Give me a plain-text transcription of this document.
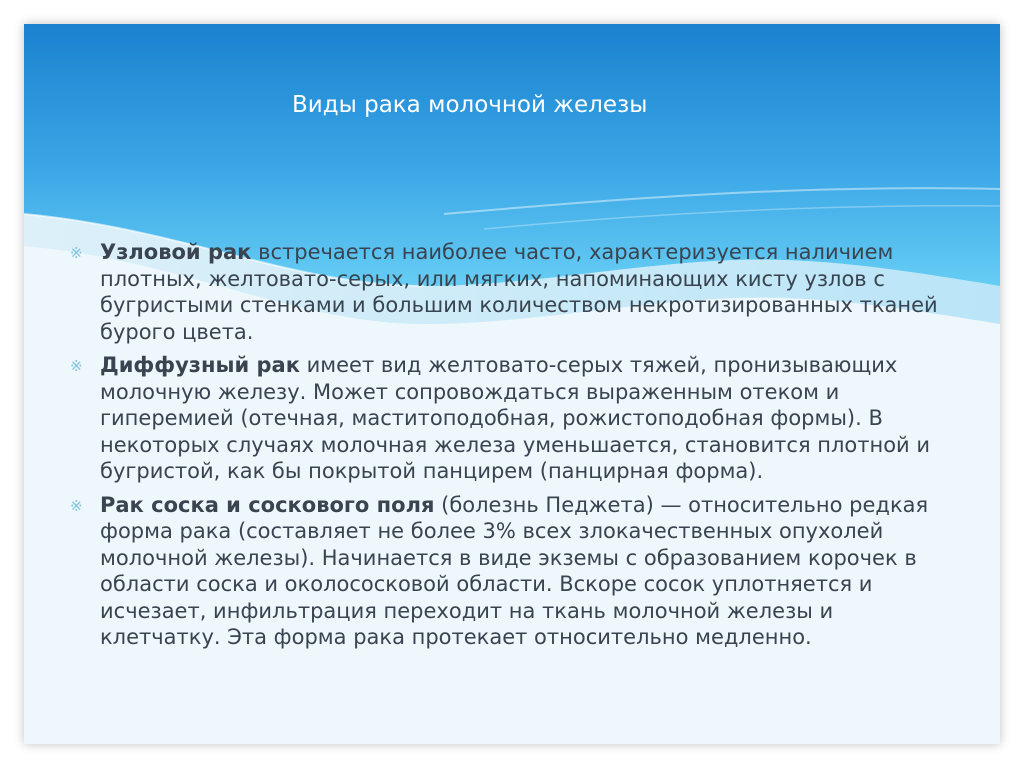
Виды рака молочной железы
※ Узловой рак встречается наиболее часто, характеризуется наличием плотных, желтовато-серых, или мягких, напоминающих кисту узлов с бугристыми стенками и большим количеством некротизированных тканей бурого цвета.
※ Диффузный рак имеет вид желтовато-серых тяжей, пронизывающих молочную железу. Может сопровождаться выраженным отеком и гиперемией (отечная, маститоподобная, рожистоподобная формы). В некоторых случаях молочная железа уменьшается, становится плотной и бугристой, как бы покрытой панцирем (панцирная форма).
※ Рак соска и соскового поля (болезнь Педжета) — относительно редкая форма рака (составляет не более 3% всех злокачественных опухолей молочной железы). Начинается в виде экземы с образованием корочек в области соска и околососковой области. Вскоре сосок уплотняется и исчезает, инфильтрация переходит на ткань молочной железы и клетчатку. Эта форма рака протекает относительно медленно.
